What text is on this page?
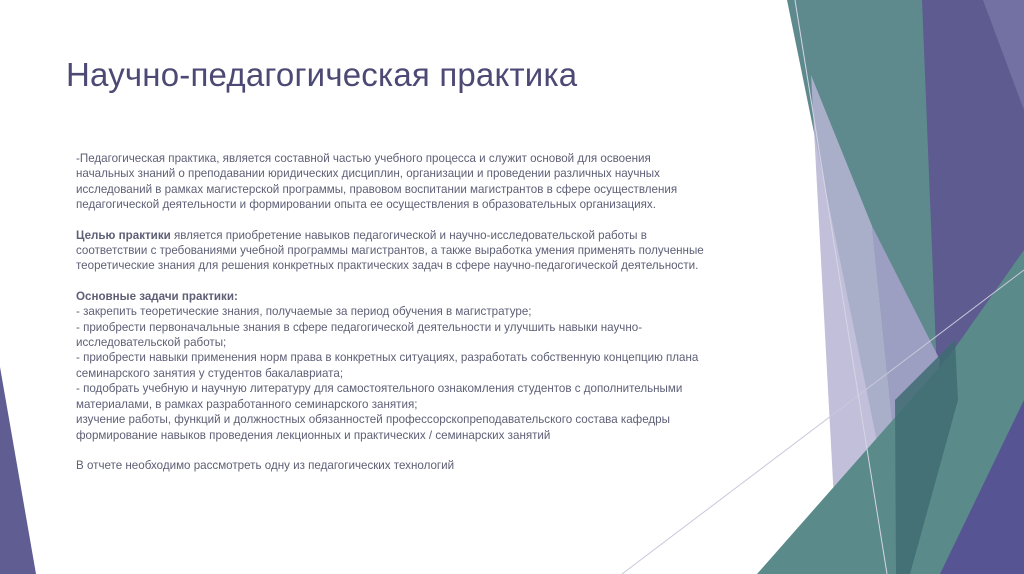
Научно-педагогическая практика

-Педагогическая практика, является составной частью учебного процесса и служит основой для освоения

начальных знаний о преподавании юридических дисциплин, организации и проведении различных научных

исследований в рамках магистерской программы, правовом воспитании магистрантов в сфере осуществления

педагогической деятельности и формировании опыта ее осуществления в образовательных организациях.

Целью практики является приобретение навыков педагогической и научно-исследовательской работы в

соответствии с требованиями учебной программы магистрантов, а также выработка умения применять полученные

теоретические знания для решения конкретных практических задач в сфере научно-педагогической деятельности.

Основные задачи практики:

- закрепить теоретические знания, получаемые за период обучения в магистратуре;

- приобрести первоначальные знания в сфере педагогической деятельности и улучшить навыки научно-

исследовательской работы;

- приобрести навыки применения норм права в конкретных ситуациях, разработать собственную концепцию плана

семинарского занятия у студентов бакалавриата;

- подобрать учебную и научную литературу для самостоятельного ознакомления студентов с дополнительными

материалами, в рамках разработанного семинарского занятия;

изучение работы, функций и должностных обязанностей профессорскопреподавательского состава кафедры

формирование навыков проведения лекционных и практических / семинарских занятий

В отчете необходимо рассмотреть одну из педагогических технологий
